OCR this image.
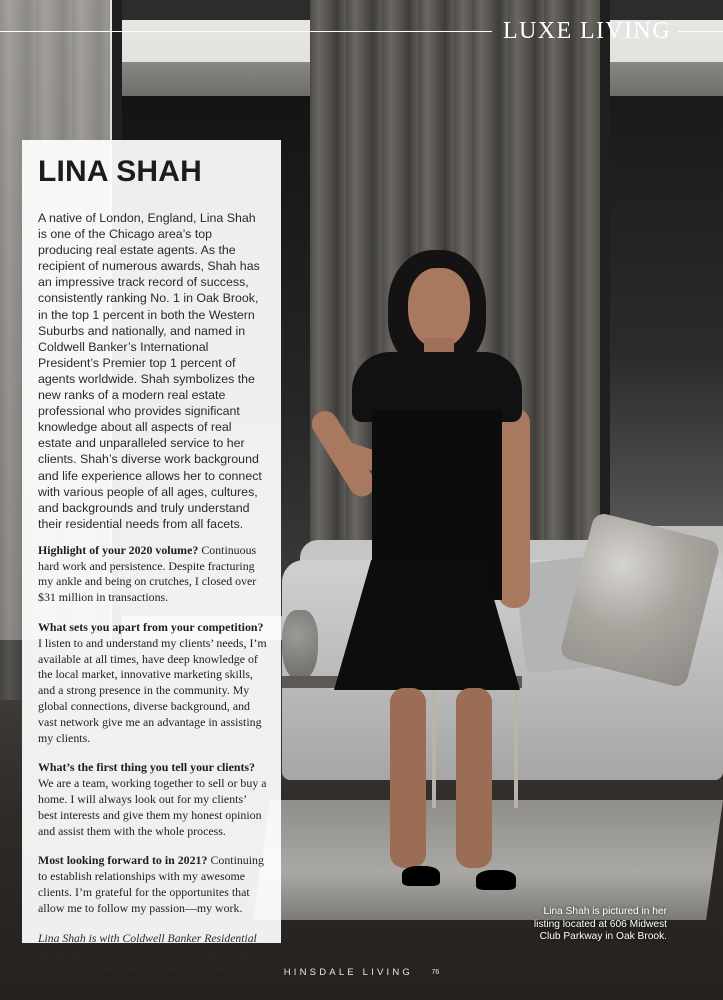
LUXE LIVING
LINA SHAH

A native of London, England, Lina Shah is one of the Chicago area’s top producing real estate agents. As the recipient of numerous awards, Shah has an impressive track record of success, consistently ranking No. 1 in Oak Brook, in the top 1 percent in both the Western Suburbs and nationally, and named in Coldwell Banker’s International President’s Premier top 1 percent of agents worldwide. Shah symbolizes the new ranks of a modern real estate professional who provides significant knowledge about all aspects of real estate and unparalleled service to her clients. Shah’s diverse work background and life experience allows her to connect with various people of all ages, cultures, and backgrounds and truly understand their residential needs from all facets.

Highlight of your 2020 volume? Continuous hard work and persistence. Despite fracturing my ankle and being on crutches, I closed over $31 million in transactions.

What sets you apart from your competition? I listen to and understand my clients’ needs, I’m available at all times, have deep knowledge of the local market, innovative marketing skills, and a strong presence in the community. My global connections, diverse background, and vast network give me an advantage in assisting my clients.

What’s the first thing you tell your clients?
We are a team, working together to sell or buy a home. I will always look out for my clients’ best interests and give them my honest opinion and assist them with the whole process.

Most looking forward to in 2021? Continuing to establish relationships with my awesome clients. I’m grateful for the opportunites that allow me to follow my passion—my work.

Lina Shah is with Coldwell Banker Residential Brokerage in Oak Brook. For more information, call 312-593-4818 or visit linashah.com.

Lina Shah is pictured in her listing located at 606 Midwest Club Parkway in Oak Brook.
HINSDALE LIVING	76
